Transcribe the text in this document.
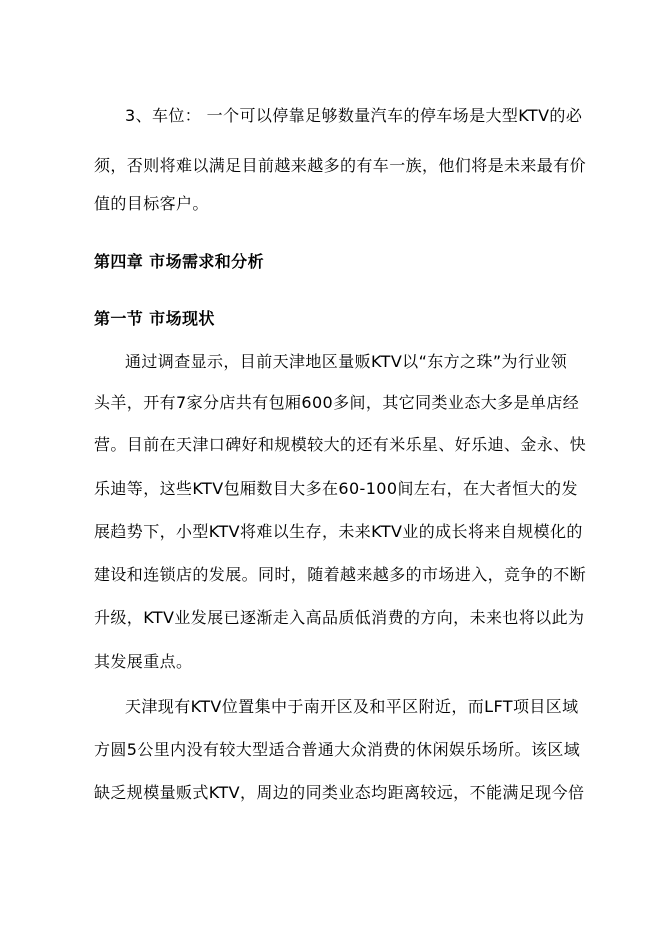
3、车位： 一个可以停靠足够数量汽车的停车场是大型KTV的必
须，否则将难以满足目前越来越多的有车一族，他们将是未来最有价
值的目标客户。
第四章 市场需求和分析
第一节 市场现状
通过调查显示，目前天津地区量贩KTV以“东方之珠”为行业领
头羊，开有7家分店共有包厢600多间，其它同类业态大多是单店经
营。目前在天津口碑好和规模较大的还有米乐星、好乐迪、金永、快
乐迪等，这些KTV包厢数目大多在60-100间左右，在大者恒大的发
展趋势下，小型KTV将难以生存，未来KTV业的成长将来自规模化的
建设和连锁店的发展。同时，随着越来越多的市场进入，竞争的不断
升级，KTV业发展已逐渐走入高品质低消费的方向，未来也将以此为
其发展重点。
天津现有KTV位置集中于南开区及和平区附近，而LFT项目区域
方圆5公里内没有较大型适合普通大众消费的休闲娱乐场所。该区域
缺乏规模量贩式KTV，周边的同类业态均距离较远，不能满足现今倍
